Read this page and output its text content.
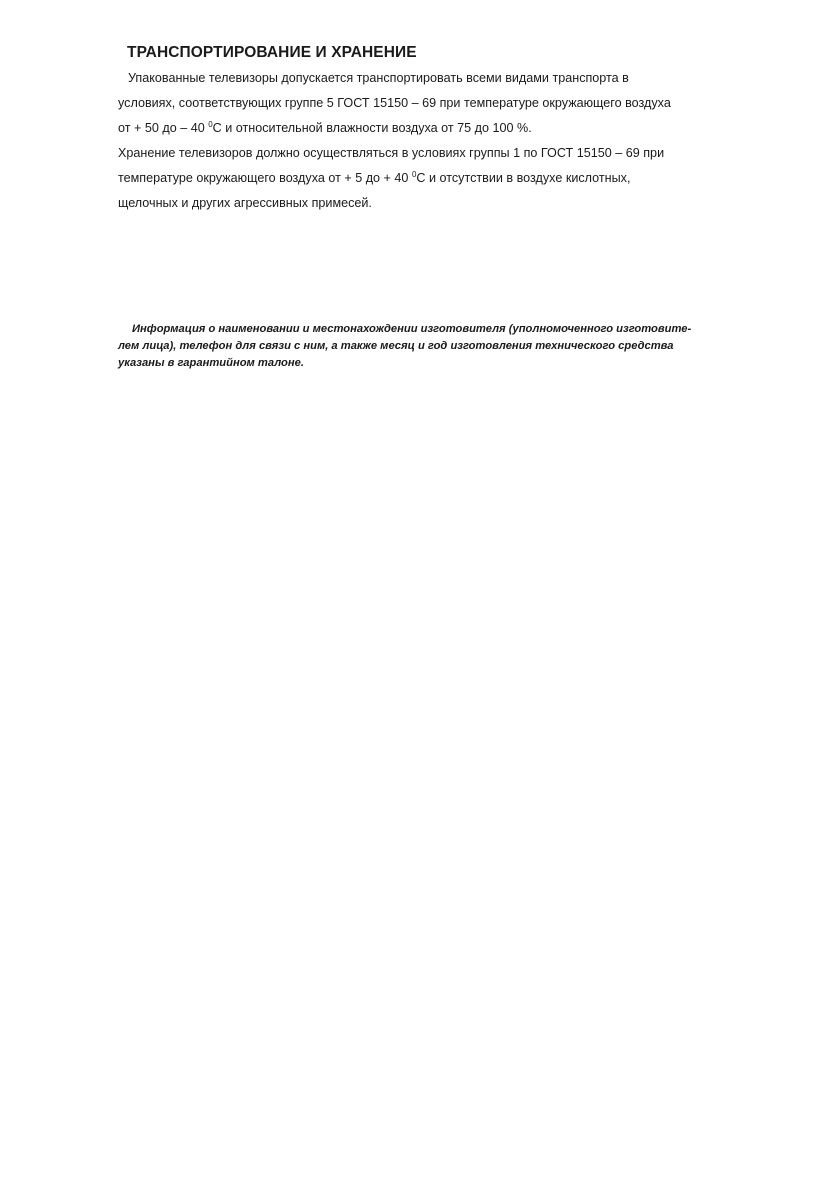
ТРАНСПОРТИРОВАНИЕ И ХРАНЕНИЕ
Упакованные телевизоры допускается транспортировать всеми видами транспорта в
условиях, соответствующих группе 5 ГОСТ 15150 – 69 при температуре окружающего воздуха
от + 50 до – 40 $^0$С и относительной влажности воздуха от 75 до 100 %.
Хранение телевизоров должно осуществляться в условиях группы 1 по ГОСТ 15150 – 69 при
температуре окружающего воздуха от + 5 до + 40 $^0$С и отсутствии в воздухе кислотных,
щелочных и других агрессивных примесей.
Информация о наименовании и местонахождении изготовителя (уполномоченного изготовите-
лем лица), телефон для связи с ним, а также месяц и год изготовления технического средства
указаны в гарантийном талоне.
